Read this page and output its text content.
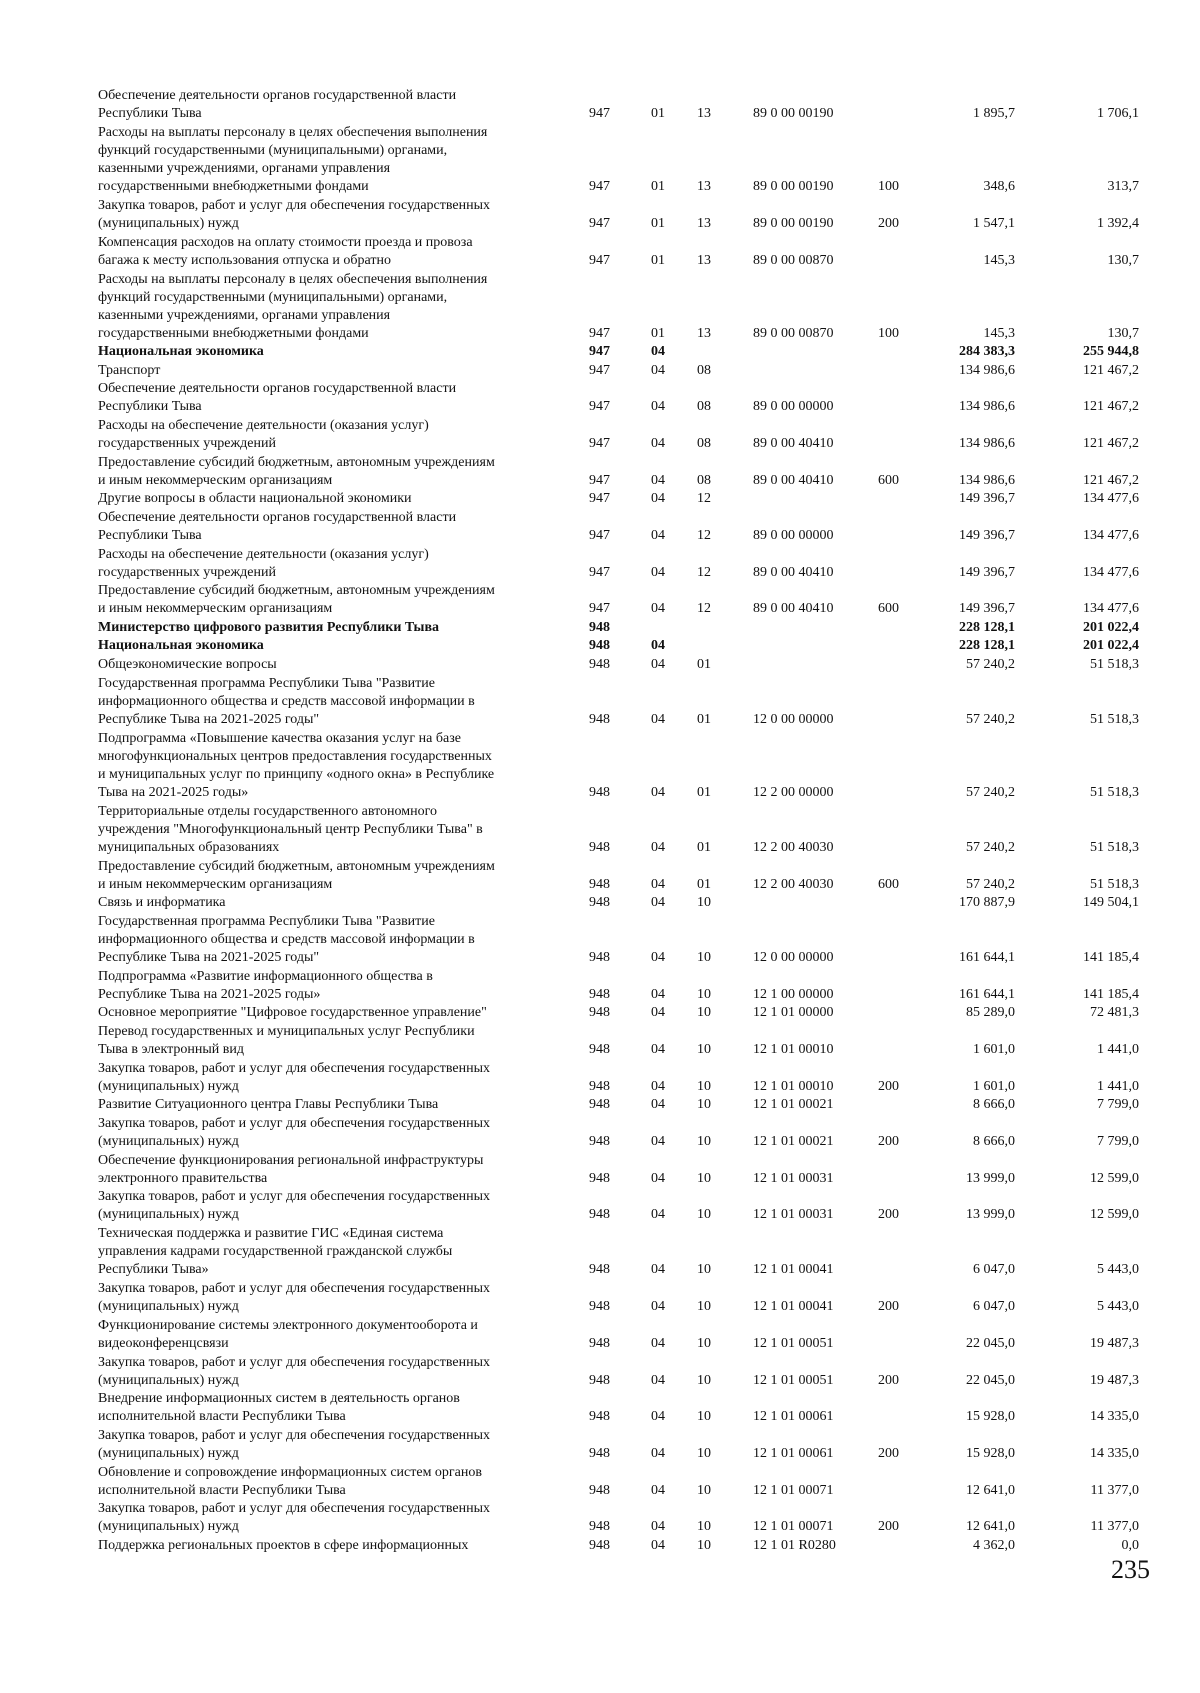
Обеспечение деятельности органов государственной власти
Республики Тыва	947	01 13	89 0 00 00190	1 895,7	1 706,1
Расходы на выплаты персоналу в целях обеспечения выполнения
функций государственными (муниципальными) органами,
казенными учреждениями, органами управления
государственными внебюджетными фондами	947	01 13	89 0 00 00190	100	348,6	313,7
Закупка товаров, работ и услуг для обеспечения государственных
(муниципальных) нужд	947	01 13	89 0 00 00190	200	1 547,1	1 392,4
Компенсация расходов на оплату стоимости проезда и провоза
багажа к месту использования отпуска и обратно	947	01 13	89 0 00 00870	145,3	130,7
Расходы на выплаты персоналу в целях обеспечения выполнения
функций государственными (муниципальными) органами,
казенными учреждениями, органами управления
государственными внебюджетными фондами	947	01 13	89 0 00 00870	100	145,3	130,7
Национальная экономика	947	04	284 383,3	255 944,8
Транспорт	947	04 08	134 986,6	121 467,2
Обеспечение деятельности органов государственной власти
Республики Тыва	947	04 08	89 0 00 00000	134 986,6	121 467,2
Расходы на обеспечение деятельности (оказания услуг)
государственных учреждений	947	04 08	89 0 00 40410	134 986,6	121 467,2
Предоставление субсидий бюджетным, автономным учреждениям
и иным некоммерческим организациям	947	04 08	89 0 00 40410	600	134 986,6	121 467,2
Другие вопросы в области национальной экономики	947	04 12	149 396,7	134 477,6
Обеспечение деятельности органов государственной власти
Республики Тыва	947	04 12	89 0 00 00000	149 396,7	134 477,6
Расходы на обеспечение деятельности (оказания услуг)
государственных учреждений	947	04 12	89 0 00 40410	149 396,7	134 477,6
Предоставление субсидий бюджетным, автономным учреждениям
и иным некоммерческим организациям	947	04 12	89 0 00 40410	600	149 396,7	134 477,6
Министерство цифрового развития Республики Тыва	948	228 128,1	201 022,4
Национальная экономика	948	04	228 128,1	201 022,4
Общеэкономические вопросы	948	04 01	57 240,2	51 518,3
Государственная программа Республики Тыва "Развитие
информационного общества и средств массовой информации в
Республике Тыва на 2021-2025 годы"	948	04 01	12 0 00 00000	57 240,2	51 518,3
Подпрограмма «Повышение качества оказания услуг на базе
многофункциональных центров предоставления государственных
и муниципальных услуг по принципу «одного окна» в Республике
Тыва на 2021-2025 годы»	948	04 01	12 2 00 00000	57 240,2	51 518,3
Территориальные отделы государственного автономного
учреждения "Многофункциональный центр Республики Тыва" в
муниципальных образованиях	948	04 01	12 2 00 40030	57 240,2	51 518,3
Предоставление субсидий бюджетным, автономным учреждениям
и иным некоммерческим организациям	948	04 01	12 2 00 40030	600	57 240,2	51 518,3
Связь и информатика	948	04 10	170 887,9	149 504,1
Государственная программа Республики Тыва "Развитие
информационного общества и средств массовой информации в
Республике Тыва на 2021-2025 годы"	948	04 10	12 0 00 00000	161 644,1	141 185,4
Подпрограмма «Развитие информационного общества в
Республике Тыва на 2021-2025 годы»	948	04 10	12 1 00 00000	161 644,1	141 185,4
Основное мероприятие "Цифровое государственное управление"	948	04 10	12 1 01 00000	85 289,0	72 481,3
Перевод государственных и муниципальных услуг Республики
Тыва в электронный вид	948	04 10	12 1 01 00010	1 601,0	1 441,0
Закупка товаров, работ и услуг для обеспечения государственных
(муниципальных) нужд	948	04 10	12 1 01 00010	200	1 601,0	1 441,0
Развитие Ситуационного центра Главы Республики Тыва	948	04 10	12 1 01 00021	8 666,0	7 799,0
Закупка товаров, работ и услуг для обеспечения государственных
(муниципальных) нужд	948	04 10	12 1 01 00021	200	8 666,0	7 799,0
Обеспечение функционирования региональной инфраструктуры
электронного правительства	948	04 10	12 1 01 00031	13 999,0	12 599,0
Закупка товаров, работ и услуг для обеспечения государственных
(муниципальных) нужд	948	04 10	12 1 01 00031	200	13 999,0	12 599,0
Техническая поддержка и развитие ГИС «Единая система
управления кадрами государственной гражданской службы
Республики Тыва»	948	04 10	12 1 01 00041	6 047,0	5 443,0
Закупка товаров, работ и услуг для обеспечения государственных
(муниципальных) нужд	948	04 10	12 1 01 00041	200	6 047,0	5 443,0
Функционирование системы электронного документооборота и
видеоконференцсвязи	948	04 10	12 1 01 00051	22 045,0	19 487,3
Закупка товаров, работ и услуг для обеспечения государственных
(муниципальных) нужд	948	04 10	12 1 01 00051	200	22 045,0	19 487,3
Внедрение информационных систем в деятельность органов
исполнительной власти Республики Тыва	948	04 10	12 1 01 00061	15 928,0	14 335,0
Закупка товаров, работ и услуг для обеспечения государственных
(муниципальных) нужд	948	04 10	12 1 01 00061	200	15 928,0	14 335,0
Обновление и сопровождение информационных систем органов
исполнительной власти Республики Тыва	948	04 10	12 1 01 00071	12 641,0	11 377,0
Закупка товаров, работ и услуг для обеспечения государственных
(муниципальных) нужд	948	04 10	12 1 01 00071	200	12 641,0	11 377,0
Поддержка региональных проектов в сфере информационных	948	04 10	12 1 01 R0280	4 362,0	0,0
235
